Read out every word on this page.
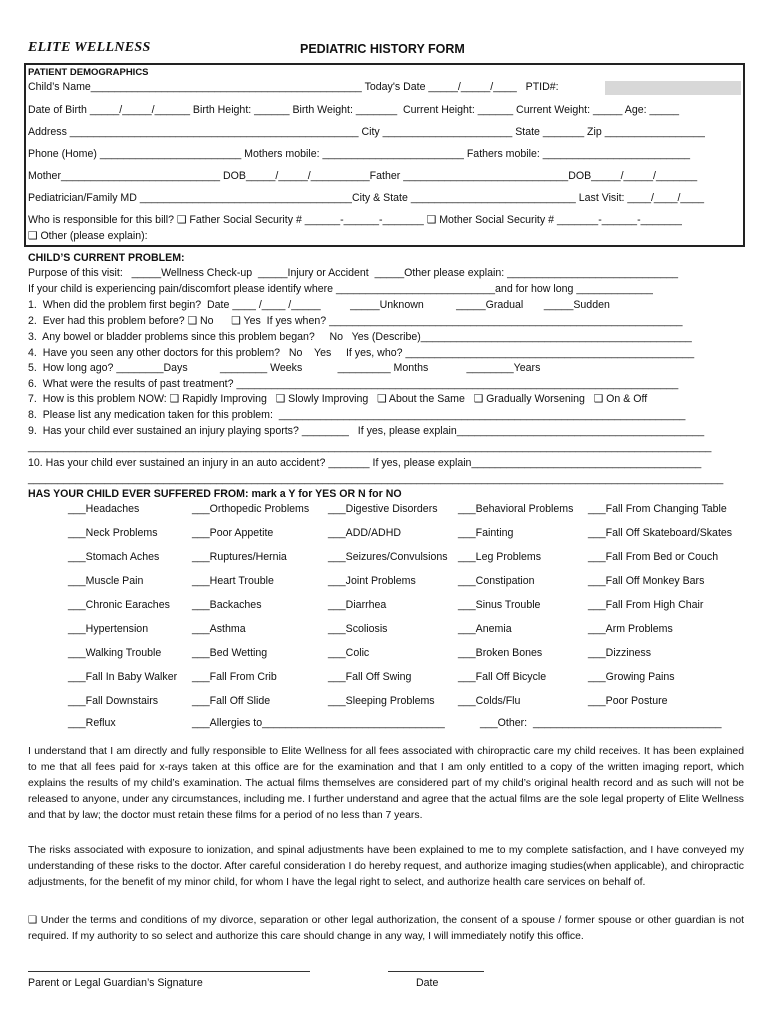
ELITE WELLNESS	PEDIATRIC HISTORY FORM
PATIENT DEMOGRAPHICS
Child’s Name______________________________________________ Today's Date _____/_____/____   PTID#:
Date of Birth _____/_____/______ Birth Height: ______ Birth Weight: _______  Current Height: ______ Current Weight: _____ Age: _____
Address _________________________________________________ City ______________________ State _______ Zip _________________
Phone (Home) ________________________ Mothers mobile: ________________________ Fathers mobile: _________________________
Mother___________________________ DOB_____/_____/__________Father ____________________________DOB_____/_____/_______
Pediatrician/Family MD ____________________________________City & State ____________________________ Last Visit: ____/____/____
Who is responsible for this bill? ❑ Father Social Security # ______-______-_______ ❑ Mother Social Security # _______-______-_______
❑ Other (please explain):
CHILD’S CURRENT PROBLEM:
Purpose of this visit:   _____Wellness Check-up  _____Injury or Accident  _____Other please explain: _____________________________
If your child is experiencing pain/discomfort please identify where ___________________________and for how long _____________
1.  When did the problem first begin?  Date ____ /____ /_____          _____Unknown           _____Gradual       _____Sudden
2.  Ever had this problem before? ❑ No      ❑ Yes  If yes when? ____________________________________________________________
3.  Any bowel or bladder problems since this problem began?     No   Yes (Describe)______________________________________________
4.  Have you seen any other doctors for this problem?   No    Yes     If yes, who? _________________________________________________
5.  How long ago? ________Days           ________ Weeks            _________ Months             ________Years
6.  What were the results of past treatment? ___________________________________________________________________________
7.  How is this problem NOW: ❑ Rapidly Improving   ❑ Slowly Improving   ❑ About the Same   ❑ Gradually Worsening   ❑ On & Off
8.  Please list any medication taken for this problem:  _____________________________________________________________________
9.  Has your child ever sustained an injury playing sports? ________   If yes, please explain__________________________________________
____________________________________________________________________________________________________________________
10. Has your child ever sustained an injury in an auto accident? _______ If yes, please explain_______________________________________
______________________________________________________________________________________________________________________
HAS YOUR CHILD EVER SUFFERED FROM: mark a Y for YES OR N for NO
___Headaches	___Orthopedic Problems ___Digestive Disorders ___Behavioral Problems ___Fall From Changing Table
___Neck Problems	___Poor Appetite	___ADD/ADHD	___Fainting	___Fall Off Skateboard/Skates
___Stomach Aches	___Ruptures/Hernia	___Seizures/Convulsions ___Leg Problems	___Fall From Bed or Couch
___Muscle Pain	___Heart Trouble	___Joint Problems	___Constipation	___Fall Off Monkey Bars
___Chronic Earaches ___Backaches	___Diarrhea	___Sinus Trouble	___Fall From High Chair
___Hypertension	___Asthma	___Scoliosis	___Anemia	___Arm Problems
___Walking Trouble	___Bed Wetting	___Colic	___Broken Bones	___Dizziness
___Fall In Baby Walker ___Fall From Crib	___Fall Off Swing	___Fall Off Bicycle	___Growing Pains
___Fall Downstairs	___Fall Off Slide	___Sleeping Problems ___Colds/Flu	___Poor Posture
___Reflux	___Allergies to_______________________________	___Other:  ________________________________
I understand that I am directly and fully responsible to Elite Wellness for all fees associated with chiropractic care my child receives. It has been explained to me that all fees paid for x-rays taken at this office are for the examination and that I am only entitled to a copy of the written imaging report, which explains the results of my child’s examination. The actual films themselves are considered part of my child’s original health record and as such will not be released to anyone, under any circumstances, including me. I further understand and agree that the actual films are the sole legal property of Elite Wellness and that by law; the doctor must retain these films for a period of no less than 7 years.
The risks associated with exposure to ionization, and spinal adjustments have been explained to me to my complete satisfaction, and I have conveyed my understanding of these risks to the doctor. After careful consideration I do hereby request, and authorize imaging studies(when applicable), and chiropractic adjustments, for the benefit of my minor child, for whom I have the legal right to select, and authorize health care services on behalf of.
❑ Under the terms and conditions of my divorce, separation or other legal authorization, the consent of a spouse / former spouse or other guardian is not required. If my authority to so select and authorize this care should change in any way, I will immediately notify this office.
Parent or Legal Guardian’s Signature	Date
